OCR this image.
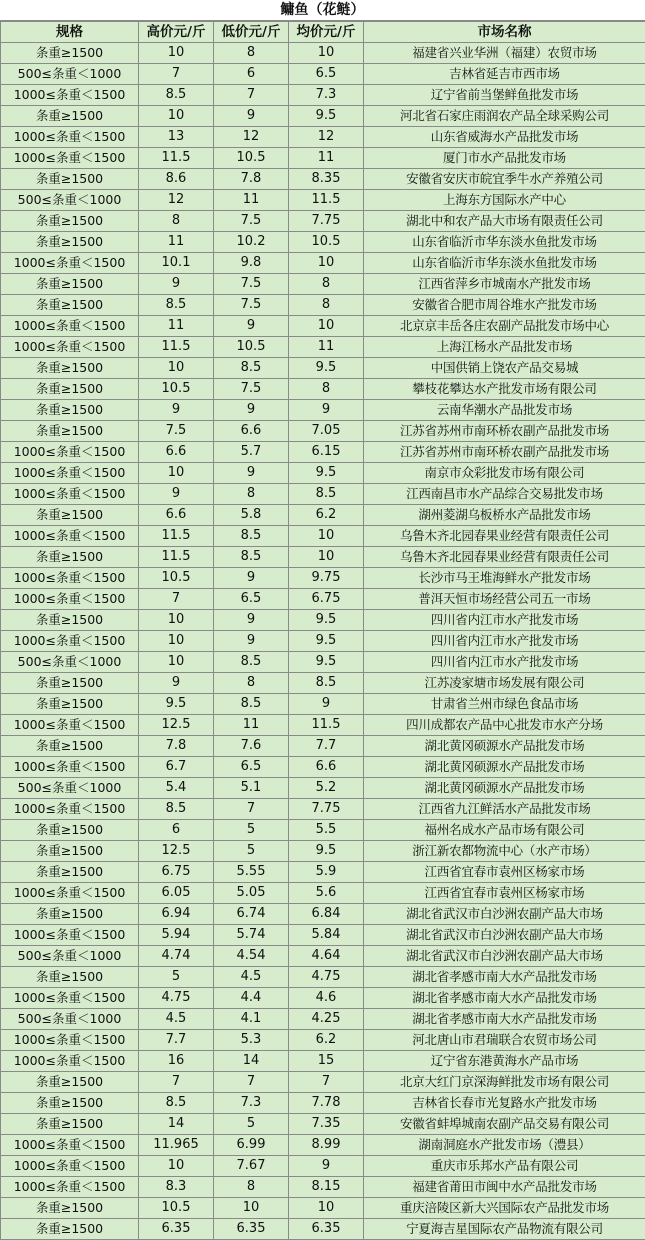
鳙鱼（花鲢）
规格	高价元/斤	低价元/斤	均价元/斤	市场名称
条重≥1500	10	8	10	福建省兴业华洲（福建）农贸市场
500≤条重＜1000	7	6	6.5	吉林省延吉市西市场
1000≤条重＜1500	8.5	7	7.3	辽宁省前当堡鲜鱼批发市场
条重≥1500	10	9	9.5	河北省石家庄雨润农产品全球采购公司
1000≤条重＜1500	13	12	12	山东省威海水产品批发市场
1000≤条重＜1500	11.5	10.5	11	厦门市水产品批发市场
条重≥1500	8.6	7.8	8.35	安徽省安庆市皖宜季牛水产养殖公司
500≤条重＜1000	12	11	11.5	上海东方国际水产中心
条重≥1500	8	7.5	7.75	湖北中和农产品大市场有限责任公司
条重≥1500	11	10.2	10.5	山东省临沂市华东淡水鱼批发市场
1000≤条重＜1500	10.1	9.8	10	山东省临沂市华东淡水鱼批发市场
条重≥1500	9	7.5	8	江西省萍乡市城南水产批发市场
条重≥1500	8.5	7.5	8	安徽省合肥市周谷堆水产批发市场
1000≤条重＜1500	11	9	10	北京京丰岳各庄农副产品批发市场中心
1000≤条重＜1500	11.5	10.5	11	上海江杨水产品批发市场
条重≥1500	10	8.5	9.5	中国供销上饶农产品交易城
条重≥1500	10.5	7.5	8	攀枝花攀达水产批发市场有限公司
条重≥1500	9	9	9	云南华潮水产品批发市场
条重≥1500	7.5	6.6	7.05	江苏省苏州市南环桥农副产品批发市场
1000≤条重＜1500	6.6	5.7	6.15	江苏省苏州市南环桥农副产品批发市场
1000≤条重＜1500	10	9	9.5	南京市众彩批发市场有限公司
1000≤条重＜1500	9	8	8.5	江西南昌市水产品综合交易批发市场
条重≥1500	6.6	5.8	6.2	湖州菱湖乌板桥水产品批发市场
1000≤条重＜1500	11.5	8.5	10	乌鲁木齐北园春果业经营有限责任公司
条重≥1500	11.5	8.5	10	乌鲁木齐北园春果业经营有限责任公司
1000≤条重＜1500	10.5	9	9.75	长沙市马王堆海鲜水产批发市场
1000≤条重＜1500	7	6.5	6.75	普洱天恒市场经营公司五一市场
条重≥1500	10	9	9.5	四川省内江市水产批发市场
1000≤条重＜1500	10	9	9.5	四川省内江市水产批发市场
500≤条重＜1000	10	8.5	9.5	四川省内江市水产批发市场
条重≥1500	9	8	8.5	江苏凌家塘市场发展有限公司
条重≥1500	9.5	8.5	9	甘肃省兰州市绿色食品市场
1000≤条重＜1500	12.5	11	11.5	四川成都农产品中心批发市水产分场
条重≥1500	7.8	7.6	7.7	湖北黄冈硕源水产品批发市场
1000≤条重＜1500	6.7	6.5	6.6	湖北黄冈硕源水产品批发市场
500≤条重＜1000	5.4	5.1	5.2	湖北黄冈硕源水产品批发市场
1000≤条重＜1500	8.5	7	7.75	江西省九江鲜活水产品批发市场
条重≥1500	6	5	5.5	福州名成水产品市场有限公司
条重≥1500	12.5	5	9.5	浙江新农都物流中心（水产市场）
条重≥1500	6.75	5.55	5.9	江西省宜春市袁州区杨家市场
1000≤条重＜1500	6.05	5.05	5.6	江西省宜春市袁州区杨家市场
条重≥1500	6.94	6.74	6.84	湖北省武汉市白沙洲农副产品大市场
1000≤条重＜1500	5.94	5.74	5.84	湖北省武汉市白沙洲农副产品大市场
500≤条重＜1000	4.74	4.54	4.64	湖北省武汉市白沙洲农副产品大市场
条重≥1500	5	4.5	4.75	湖北省孝感市南大水产品批发市场
1000≤条重＜1500	4.75	4.4	4.6	湖北省孝感市南大水产品批发市场
500≤条重＜1000	4.5	4.1	4.25	湖北省孝感市南大水产品批发市场
1000≤条重＜1500	7.7	5.3	6.2	河北唐山市君瑞联合农贸市场公司
1000≤条重＜1500	16	14	15	辽宁省东港黄海水产品市场
条重≥1500	7	7	7	北京大红门京深海鲜批发市场有限公司
条重≥1500	8.5	7.3	7.78	吉林省长春市光复路水产批发市场
条重≥1500	14	5	7.35	安徽省蚌埠城南农副产品交易有限公司
1000≤条重＜1500	11.965	6.99	8.99	湖南洞庭水产批发市场（澧县）
1000≤条重＜1500	10	7.67	9	重庆市乐邦水产品有限公司
1000≤条重＜1500	8.3	8	8.15	福建省莆田市闽中水产品批发市场
条重≥1500	10.5	10	10	重庆涪陵区新大兴国际农产品批发市场
条重≥1500	6.35	6.35	6.35	宁夏海吉星国际农产品物流有限公司
